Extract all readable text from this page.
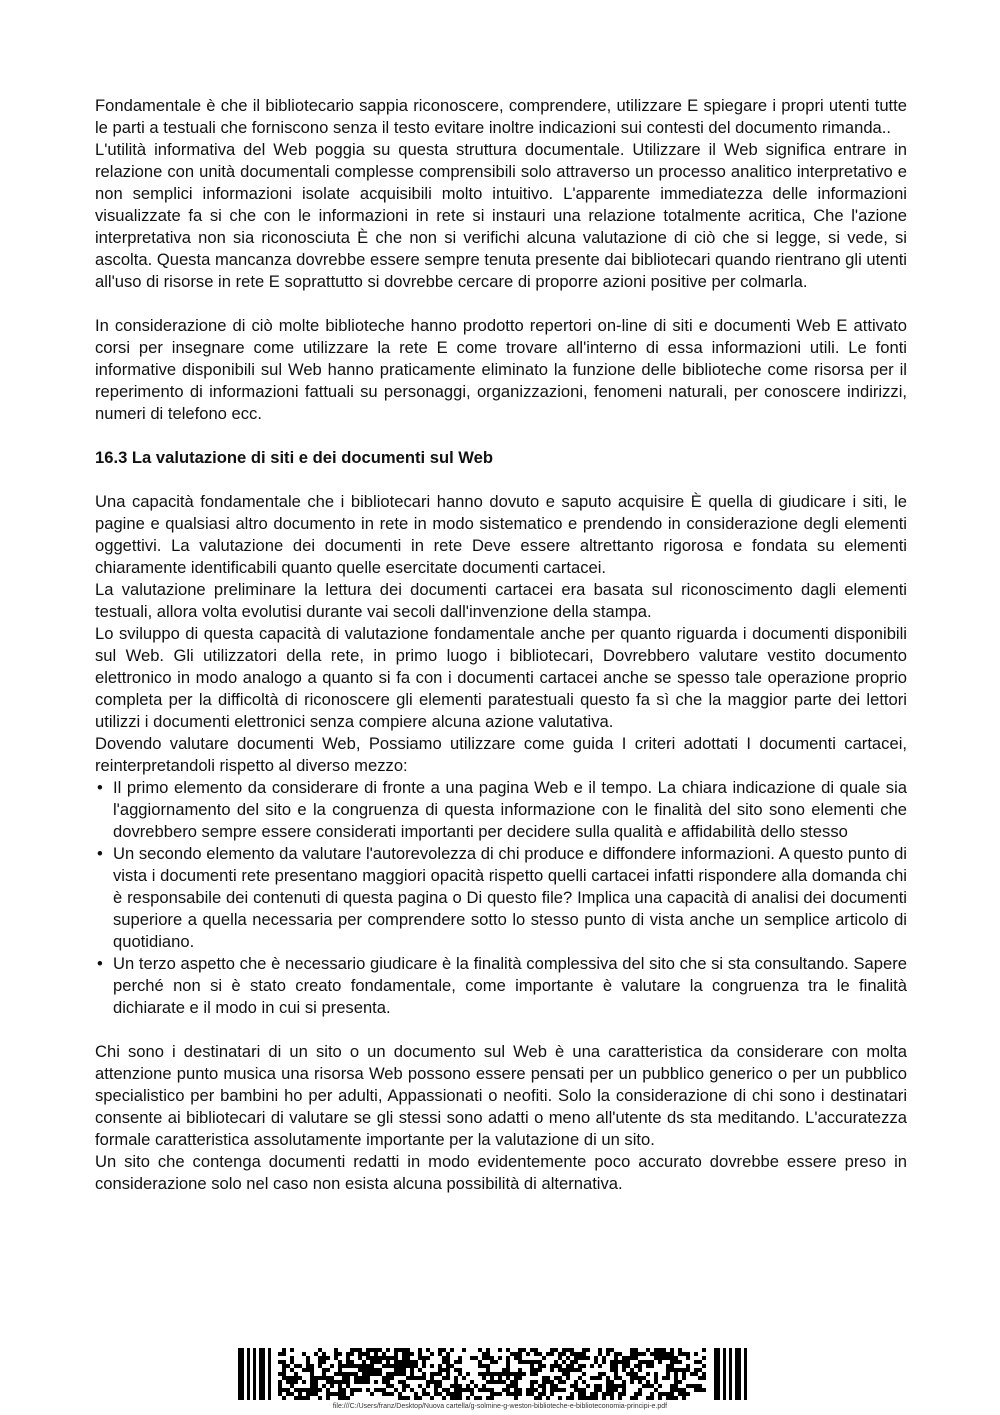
Fondamentale è che il bibliotecario sappia riconoscere, comprendere, utilizzare E spiegare i propri utenti tutte le parti a testuali che forniscono senza il testo evitare inoltre indicazioni sui contesti del documento rimanda..

L'utilità informativa del Web poggia su questa struttura documentale. Utilizzare il Web significa entrare in relazione con unità documentali complesse comprensibili solo attraverso un processo analitico interpretativo e non semplici informazioni isolate acquisibili molto intuitivo. L'apparente immediatezza delle informazioni visualizzate fa si che con le informazioni in rete si instauri una relazione totalmente acritica, Che l'azione interpretativa non sia riconosciuta È che non si verifichi alcuna valutazione di ciò che si legge, si vede, si ascolta. Questa mancanza dovrebbe essere sempre tenuta presente dai bibliotecari quando rientrano gli utenti all'uso di risorse in rete E soprattutto si dovrebbe cercare di proporre azioni positive per colmarla.

In considerazione di ciò molte biblioteche hanno prodotto repertori on-line di siti e documenti Web E attivato corsi per insegnare come utilizzare la rete E come trovare all'interno di essa informazioni utili. Le fonti informative disponibili sul Web hanno praticamente eliminato la funzione delle biblioteche come risorsa per il reperimento di informazioni fattuali su personaggi, organizzazioni, fenomeni naturali, per conoscere indirizzi, numeri di telefono ecc.

16.3 La valutazione di siti e dei documenti sul Web

Una capacità fondamentale che i bibliotecari hanno dovuto e saputo acquisire È quella di giudicare i siti, le pagine e qualsiasi altro documento in rete in modo sistematico e prendendo in considerazione degli elementi oggettivi. La valutazione dei documenti in rete Deve essere altrettanto rigorosa e fondata su elementi chiaramente identificabili quanto quelle esercitate documenti cartacei.

La valutazione preliminare la lettura dei documenti cartacei era basata sul riconoscimento dagli elementi testuali, allora volta evolutisi durante vai secoli dall'invenzione della stampa.

Lo sviluppo di questa capacità di valutazione fondamentale anche per quanto riguarda i documenti disponibili sul Web. Gli utilizzatori della rete, in primo luogo i bibliotecari, Dovrebbero valutare vestito documento elettronico in modo analogo a quanto si fa con i documenti cartacei anche se spesso tale operazione proprio completa per la difficoltà di riconoscere gli elementi paratestuali questo fa sì che la maggior parte dei lettori utilizzi i documenti elettronici senza compiere alcuna azione valutativa.

Dovendo valutare documenti Web, Possiamo utilizzare come guida I criteri adottati I documenti cartacei, reinterpretandoli rispetto al diverso mezzo:

• Il primo elemento da considerare di fronte a una pagina Web e il tempo. La chiara indicazione di quale sia l'aggiornamento del sito e la congruenza di questa informazione con le finalità del sito sono elementi che dovrebbero sempre essere considerati importanti per decidere sulla qualità e affidabilità dello stesso
• Un secondo elemento da valutare l'autorevolezza di chi produce e diffondere informazioni. A questo punto di vista i documenti rete presentano maggiori opacità rispetto quelli cartacei infatti rispondere alla domanda chi è responsabile dei contenuti di questa pagina o Di questo file? Implica una capacità di analisi dei documenti superiore a quella necessaria per comprendere sotto lo stesso punto di vista anche un semplice articolo di quotidiano.
• Un terzo aspetto che è necessario giudicare è la finalità complessiva del sito che si sta consultando. Sapere perché non si è stato creato fondamentale, come importante è valutare la congruenza tra le finalità dichiarate e il modo in cui si presenta.

Chi sono i destinatari di un sito o un documento sul Web è una caratteristica da considerare con molta attenzione punto musica una risorsa Web possono essere pensati per un pubblico generico o per un pubblico specialistico per bambini ho per adulti, Appassionati o neofiti. Solo la considerazione di chi sono i destinatari consente ai bibliotecari di valutare se gli stessi sono adatti o meno all'utente ds sta meditando. L'accuratezza formale caratteristica assolutamente importante per la valutazione di un sito.

Un sito che contenga documenti redatti in modo evidentemente poco accurato dovrebbe essere preso in considerazione solo nel caso non esista alcuna possibilità di alternativa.

file:///C:/Users/franz/Desktop/Nuova cartella/g-solmine-g-weston-biblioteche-e-biblioteconomia-principi-e.pdf
